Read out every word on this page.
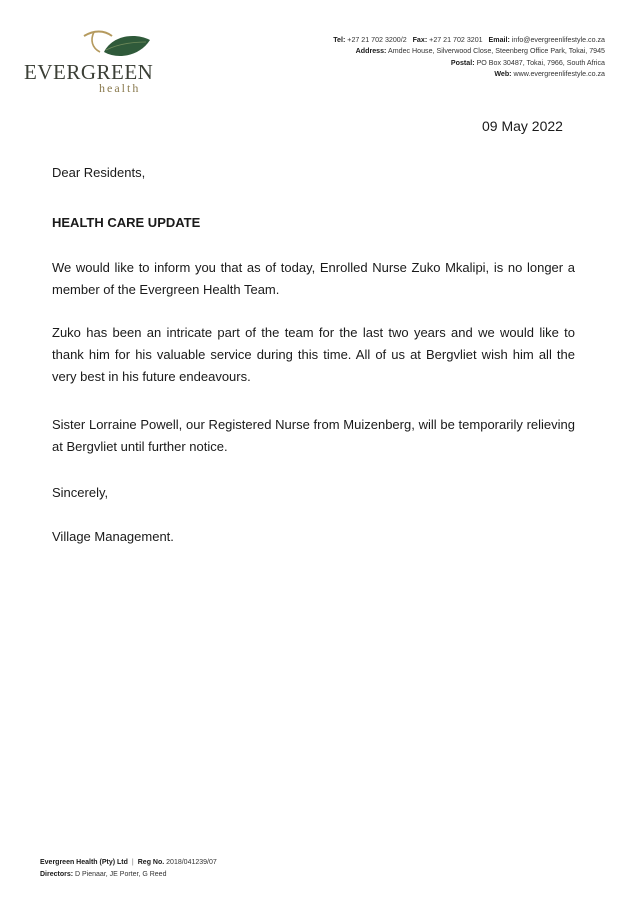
EVERGREEN
health
Tel: +27 21 702 3200/2 Fax: +27 21 702 3201 Email: info@evergreenlifestyle.co.za
Address: Amdec House, Silverwood Close, Steenberg Office Park, Tokai, 7945
Postal: PO Box 30487, Tokai, 7966, South Africa
Web: www.evergreenlifestyle.co.za
09 May 2022

Dear Residents,

HEALTH CARE UPDATE

We would like to inform you that as of today, Enrolled Nurse Zuko Mkalipi, is no longer a member of the Evergreen Health Team.

Zuko has been an intricate part of the team for the last two years and we would like to thank him for his valuable service during this time. All of us at Bergvliet wish him all the very best in his future endeavours.

Sister Lorraine Powell, our Registered Nurse from Muizenberg, will be temporarily relieving at Bergvliet until further notice.

Sincerely,

Village Management.

Evergreen Health (Pty) Ltd | Reg No. 2018/041239/07
Directors: D Pienaar, JE Porter, G Reed
